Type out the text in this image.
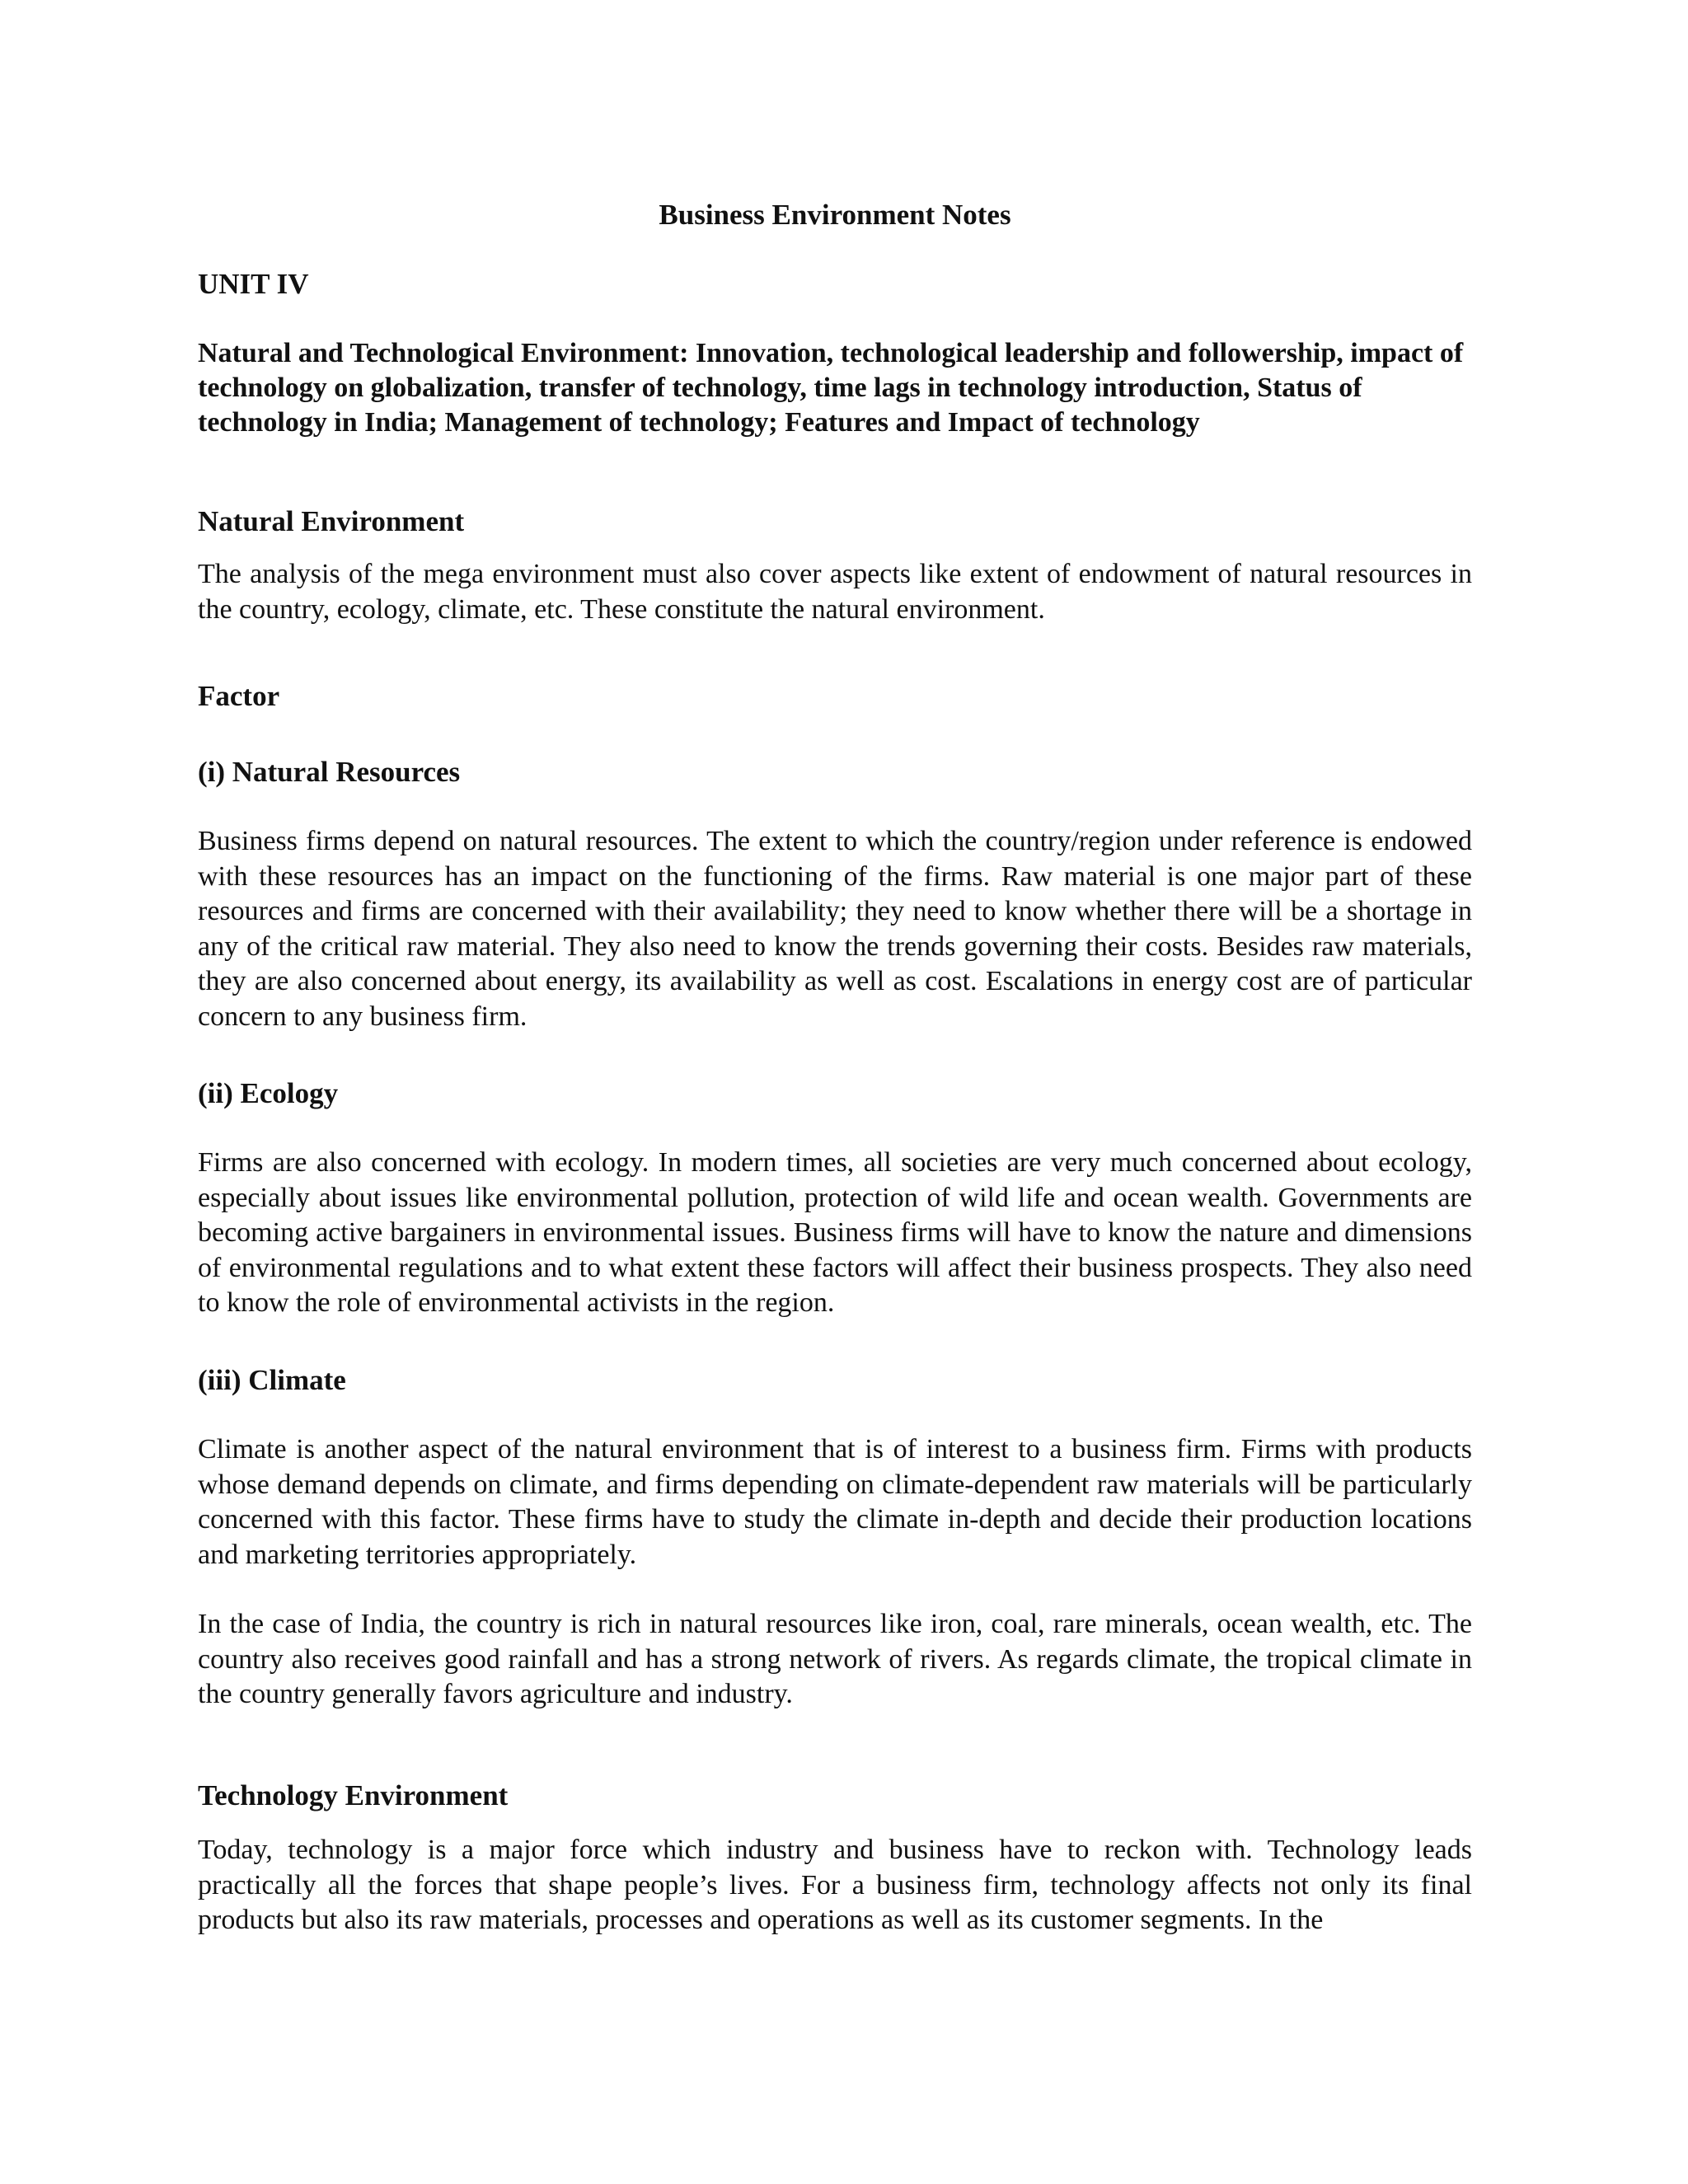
Business Environment Notes
UNIT IV

Natural and Technological Environment: Innovation, technological leadership and followership, impact of technology on globalization, transfer of technology, time lags in technology introduction, Status of technology in India; Management of technology; Features and Impact of technology

Natural Environment

The analysis of the mega environment must also cover aspects like extent of endowment of natural resources in the country, ecology, climate, etc. These constitute the natural environment.

Factor
(i) Natural Resources

Business firms depend on natural resources. The extent to which the country/region under reference is endowed with these resources has an impact on the functioning of the firms. Raw material is one major part of these resources and firms are concerned with their availability; they need to know whether there will be a shortage in any of the critical raw material. They also need to know the trends governing their costs. Besides raw materials, they are also concerned about energy, its availability as well as cost. Escalations in energy cost are of particular concern to any business firm.

(ii) Ecology

Firms are also concerned with ecology. In modern times, all societies are very much concerned about ecology, especially about issues like environmental pollution, protection of wild life and ocean wealth. Governments are becoming active bargainers in environmental issues. Business firms will have to know the nature and dimensions of environmental regulations and to what extent these factors will affect their business prospects. They also need to know the role of environmental activists in the region.

(iii) Climate

Climate is another aspect of the natural environment that is of interest to a business firm. Firms with products whose demand depends on climate, and firms depending on climate-dependent raw materials will be particularly concerned with this factor. These firms have to study the climate in-depth and decide their production locations and marketing territories appropriately.

In the case of India, the country is rich in natural resources like iron, coal, rare minerals, ocean wealth, etc. The country also receives good rainfall and has a strong network of rivers. As regards climate, the tropical climate in the country generally favors agriculture and industry.

Technology Environment

Today, technology is a major force which industry and business have to reckon with. Technology leads practically all the forces that shape people’s lives. For a business firm, technology affects not only its final products but also its raw materials, processes and operations as well as its customer segments. In the
